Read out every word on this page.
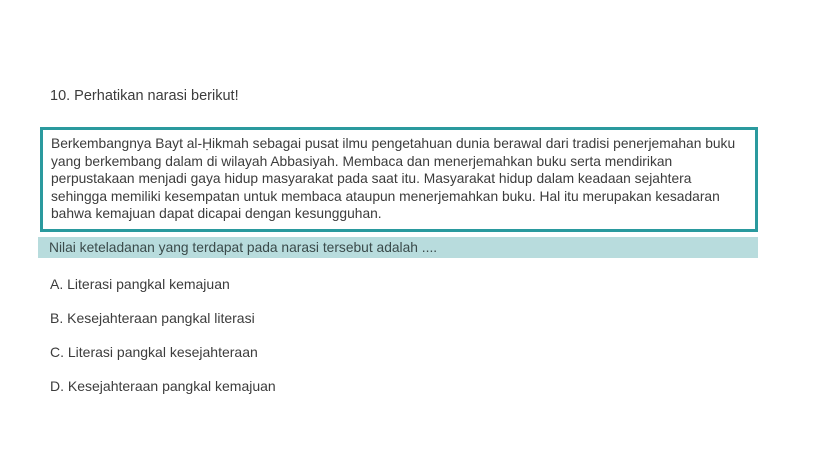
10. Perhatikan narasi berikut!

Berkembangnya Bayt al-Ḥikmah sebagai pusat ilmu pengetahuan dunia berawal dari tradisi penerjemahan buku yang berkembang dalam di wilayah Abbasiyah. Membaca dan menerjemahkan buku serta mendirikan perpustakaan menjadi gaya hidup masyarakat pada saat itu. Masyarakat hidup dalam keadaan sejahtera sehingga memiliki kesempatan untuk membaca ataupun menerjemahkan buku. Hal itu merupakan kesadaran bahwa kemajuan dapat dicapai dengan kesungguhan.

Nilai keteladanan yang terdapat pada narasi tersebut adalah ....
A. Literasi pangkal kemajuan
B. Kesejahteraan pangkal literasi
C. Literasi pangkal kesejahteraan
D. Kesejahteraan pangkal kemajuan
